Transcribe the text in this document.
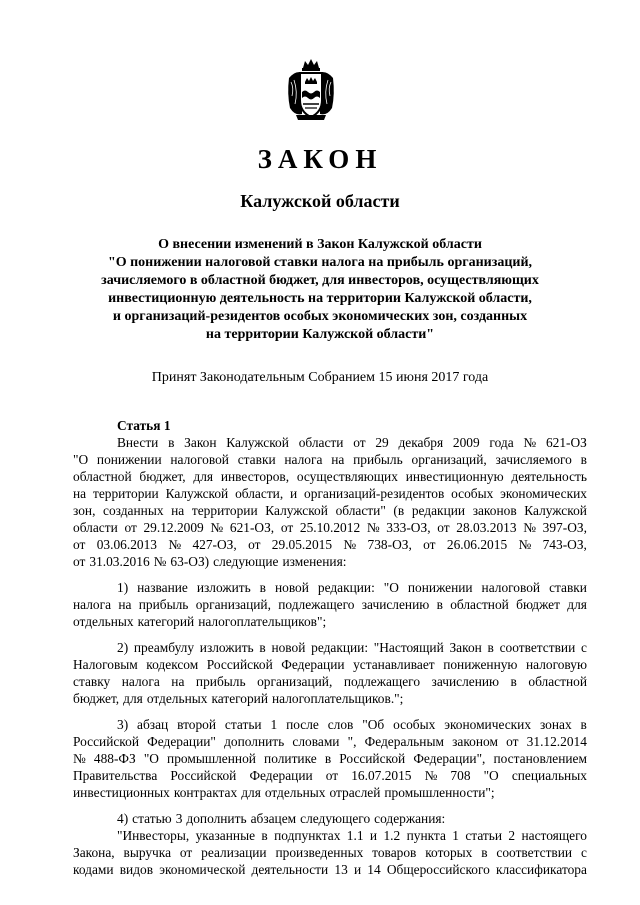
ЗАКОН
Калужской области
О внесении изменений в Закон Калужской области
"О понижении налоговой ставки налога на прибыль организаций,
зачисляемого в областной бюджет, для инвесторов, осуществляющих
инвестиционную деятельность на территории Калужской области,
и организаций-резидентов особых экономических зон, созданных
на территории Калужской области"
Принят Законодательным Собранием 15 июня 2017 года
Статья 1
Внести в Закон Калужской области от 29 декабря 2009 года № 621-ОЗ
"О понижении налоговой ставки налога на прибыль организаций, зачисляемого в
областной бюджет, для инвесторов, осуществляющих инвестиционную деятельность
на территории Калужской области, и организаций-резидентов особых экономических
зон, созданных на территории Калужской области" (в редакции законов Калужской
области от 29.12.2009 № 621-ОЗ, от 25.10.2012 № 333-ОЗ, от 28.03.2013 № 397-ОЗ,
от 03.06.2013 № 427-ОЗ, от 29.05.2015 № 738-ОЗ, от 26.06.2015 № 743-ОЗ,
от 31.03.2016 № 63-ОЗ) следующие изменения:
1) название изложить в новой редакции: "О понижении налоговой ставки
налога на прибыль организаций, подлежащего зачислению в областной бюджет для
отдельных категорий налогоплательщиков";
2) преамбулу изложить в новой редакции: "Настоящий Закон в соответствии с
Налоговым кодексом Российской Федерации устанавливает пониженную налоговую
ставку налога на прибыль организаций, подлежащего зачислению в областной
бюджет, для отдельных категорий налогоплательщиков.";
3) абзац второй статьи 1 после слов "Об особых экономических зонах в
Российской Федерации" дополнить словами ", Федеральным законом от 31.12.2014
№ 488-ФЗ "О промышленной политике в Российской Федерации", постановлением
Правительства Российской Федерации от 16.07.2015 № 708 "О специальных
инвестиционных контрактах для отдельных отраслей промышленности";
4) статью 3 дополнить абзацем следующего содержания:
"Инвесторы, указанные в подпунктах 1.1 и 1.2 пункта 1 статьи 2 настоящего
Закона, выручка от реализации произведенных товаров которых в соответствии с
кодами видов экономической деятельности 13 и 14 Общероссийского классификатора
